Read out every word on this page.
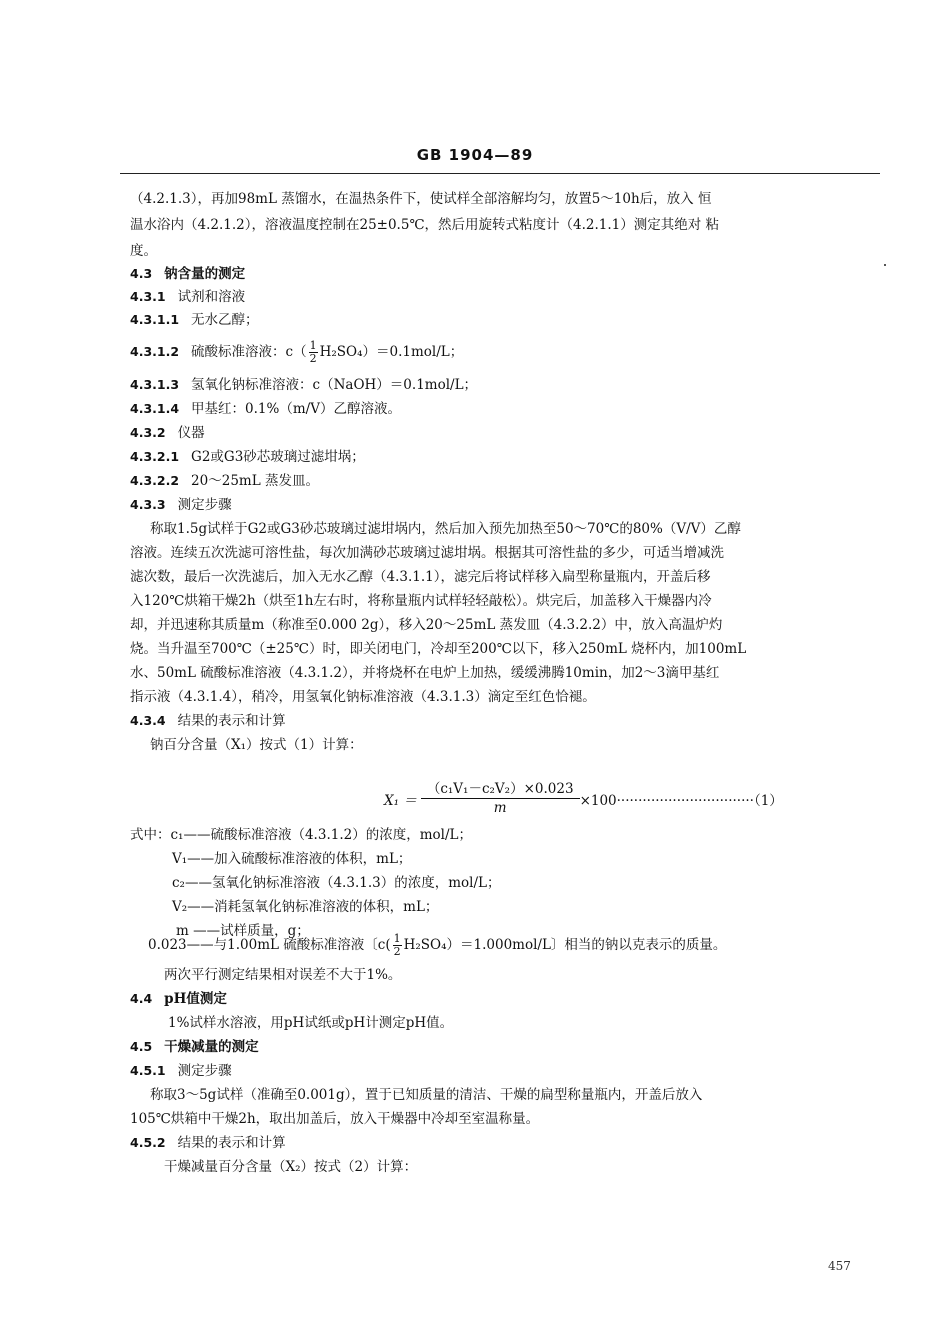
GB 1904—89
（4.2.1.3），再加98mL 蒸馏水，在温热条件下，使试样全部溶解均匀，放置5～10h后，放入 恒
温水浴内（4.2.1.2），溶液温度控制在25±0.5℃，然后用旋转式粘度计（4.2.1.1）测定其绝对 粘
度。
4.3 钠含量的测定
4.3.1 试剂和溶液
4.3.1.1 无水乙醇；
4.3.1.2 硫酸标准溶液：$c( \frac{1}{2} H_2SO_4)=0.1mol/L$；
4.3.1.3 氢氧化钠标准溶液：c（NaOH）＝0.1mol/L；
4.3.1.4 甲基红：0.1%（m/V）乙醇溶液。
4.3.2 仪器
4.3.2.1 G2或G3砂芯玻璃过滤坩埚；
4.3.2.2 20～25mL 蒸发皿。
4.3.3 测定步骤
称取1.5g试样于G2或G3砂芯玻璃过滤坩埚内，然后加入预先加热至50～70℃的80%（V/V）乙醇
溶液。连续五次洗滤可溶性盐，每次加满砂芯玻璃过滤坩埚。根据其可溶性盐的多少，可适当增减洗
滤次数，最后一次洗滤后，加入无水乙醇（4.3.1.1），滤完后将试样移入扁型称量瓶内，开盖后移
入120℃烘箱干燥2h（烘至1h左右时，将称量瓶内试样轻轻敲松）。烘完后，加盖移入干燥器内冷
却，并迅速称其质量m（称准至0.000 2g），移入20～25mL 蒸发皿（4.3.2.2）中，放入高温炉灼
烧。当升温至700℃（±25℃）时，即关闭电门，冷却至200℃以下，移入250mL 烧杯内，加100mL
水、50mL 硫酸标准溶液（4.3.1.2），并将烧杯在电炉上加热，缓缓沸腾10min，加2～3滴甲基红
指示液（4.3.1.4），稍冷，用氢氧化钠标准溶液（4.3.1.3）滴定至红色恰褪。
4.3.4 结果的表示和计算
钠百分含量（X₁）按式（1）计算：
$X_1 = \frac{\text{（c₁V₁－c₂V₂）×0.023}}{m} \times 100\cdot\cdot\cdot\cdot\cdot\cdot\cdot\cdot\cdot\cdot\cdot\cdot\cdot\cdot\cdot\cdot\cdot\cdot\cdot\cdot\cdot\cdot\cdot\cdot\cdot\cdot\cdot\cdot\cdot\cdot\cdot\cdot(1)$
式中：c₁——硫酸标准溶液（4.3.1.2）的浓度，mol/L；
V₁——加入硫酸标准溶液的体积，mL；
c₂——氢氧化钠标准溶液（4.3.1.3）的浓度，mol/L；
V₂——消耗氢氧化钠标准溶液的体积，mL；
m ——试样质量，g；
0.023——与1.00mL 硫酸标准溶液〔$c( \frac{1}{2} H_2SO_4)=1.000mol/L$〕相当的钠以克表示的质量。
两次平行测定结果相对误差不大于1%。
4.4 pH值测定
1%试样水溶液，用pH试纸或pH计测定pH值。
4.5 干燥减量的测定
4.5.1 测定步骤
称取3～5g试样（准确至0.001g），置于已知质量的清洁、干燥的扁型称量瓶内，开盖后放入
105℃烘箱中干燥2h，取出加盖后，放入干燥器中冷却至室温称量。
4.5.2 结果的表示和计算
干燥减量百分含量（X₂）按式（2）计算：
457
